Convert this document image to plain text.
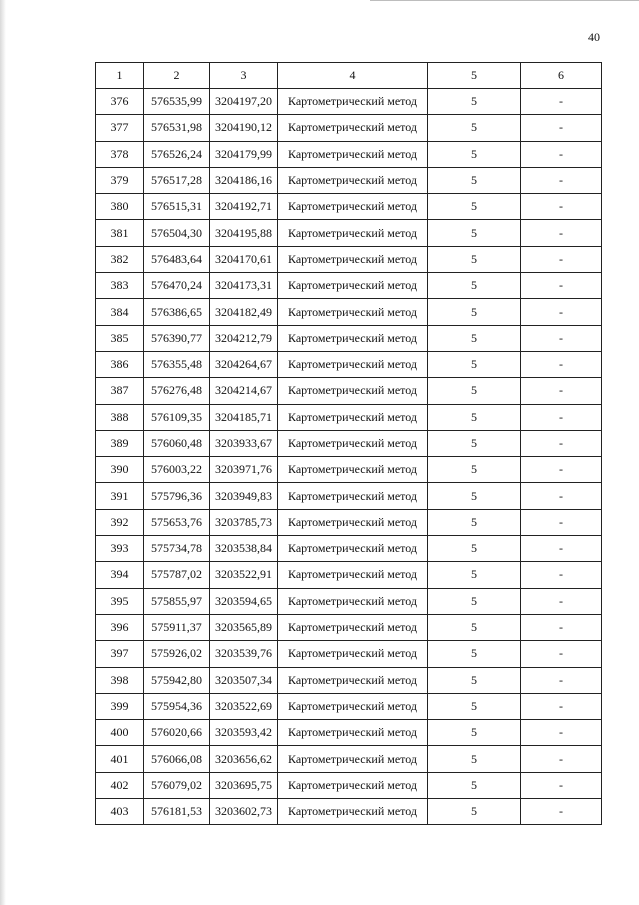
40
1	2	3	4	5	6
376	576535,99	3204197,20	Картометрический метод	5	-
377	576531,98	3204190,12	Картометрический метод	5	-
378	576526,24	3204179,99	Картометрический метод	5	-
379	576517,28	3204186,16	Картометрический метод	5	-
380	576515,31	3204192,71	Картометрический метод	5	-
381	576504,30	3204195,88	Картометрический метод	5	-
382	576483,64	3204170,61	Картометрический метод	5	-
383	576470,24	3204173,31	Картометрический метод	5	-
384	576386,65	3204182,49	Картометрический метод	5	-
385	576390,77	3204212,79	Картометрический метод	5	-
386	576355,48	3204264,67	Картометрический метод	5	-
387	576276,48	3204214,67	Картометрический метод	5	-
388	576109,35	3204185,71	Картометрический метод	5	-
389	576060,48	3203933,67	Картометрический метод	5	-
390	576003,22	3203971,76	Картометрический метод	5	-
391	575796,36	3203949,83	Картометрический метод	5	-
392	575653,76	3203785,73	Картометрический метод	5	-
393	575734,78	3203538,84	Картометрический метод	5	-
394	575787,02	3203522,91	Картометрический метод	5	-
395	575855,97	3203594,65	Картометрический метод	5	-
396	575911,37	3203565,89	Картометрический метод	5	-
397	575926,02	3203539,76	Картометрический метод	5	-
398	575942,80	3203507,34	Картометрический метод	5	-
399	575954,36	3203522,69	Картометрический метод	5	-
400	576020,66	3203593,42	Картометрический метод	5	-
401	576066,08	3203656,62	Картометрический метод	5	-
402	576079,02	3203695,75	Картометрический метод	5	-
403	576181,53	3203602,73	Картометрический метод	5	-
